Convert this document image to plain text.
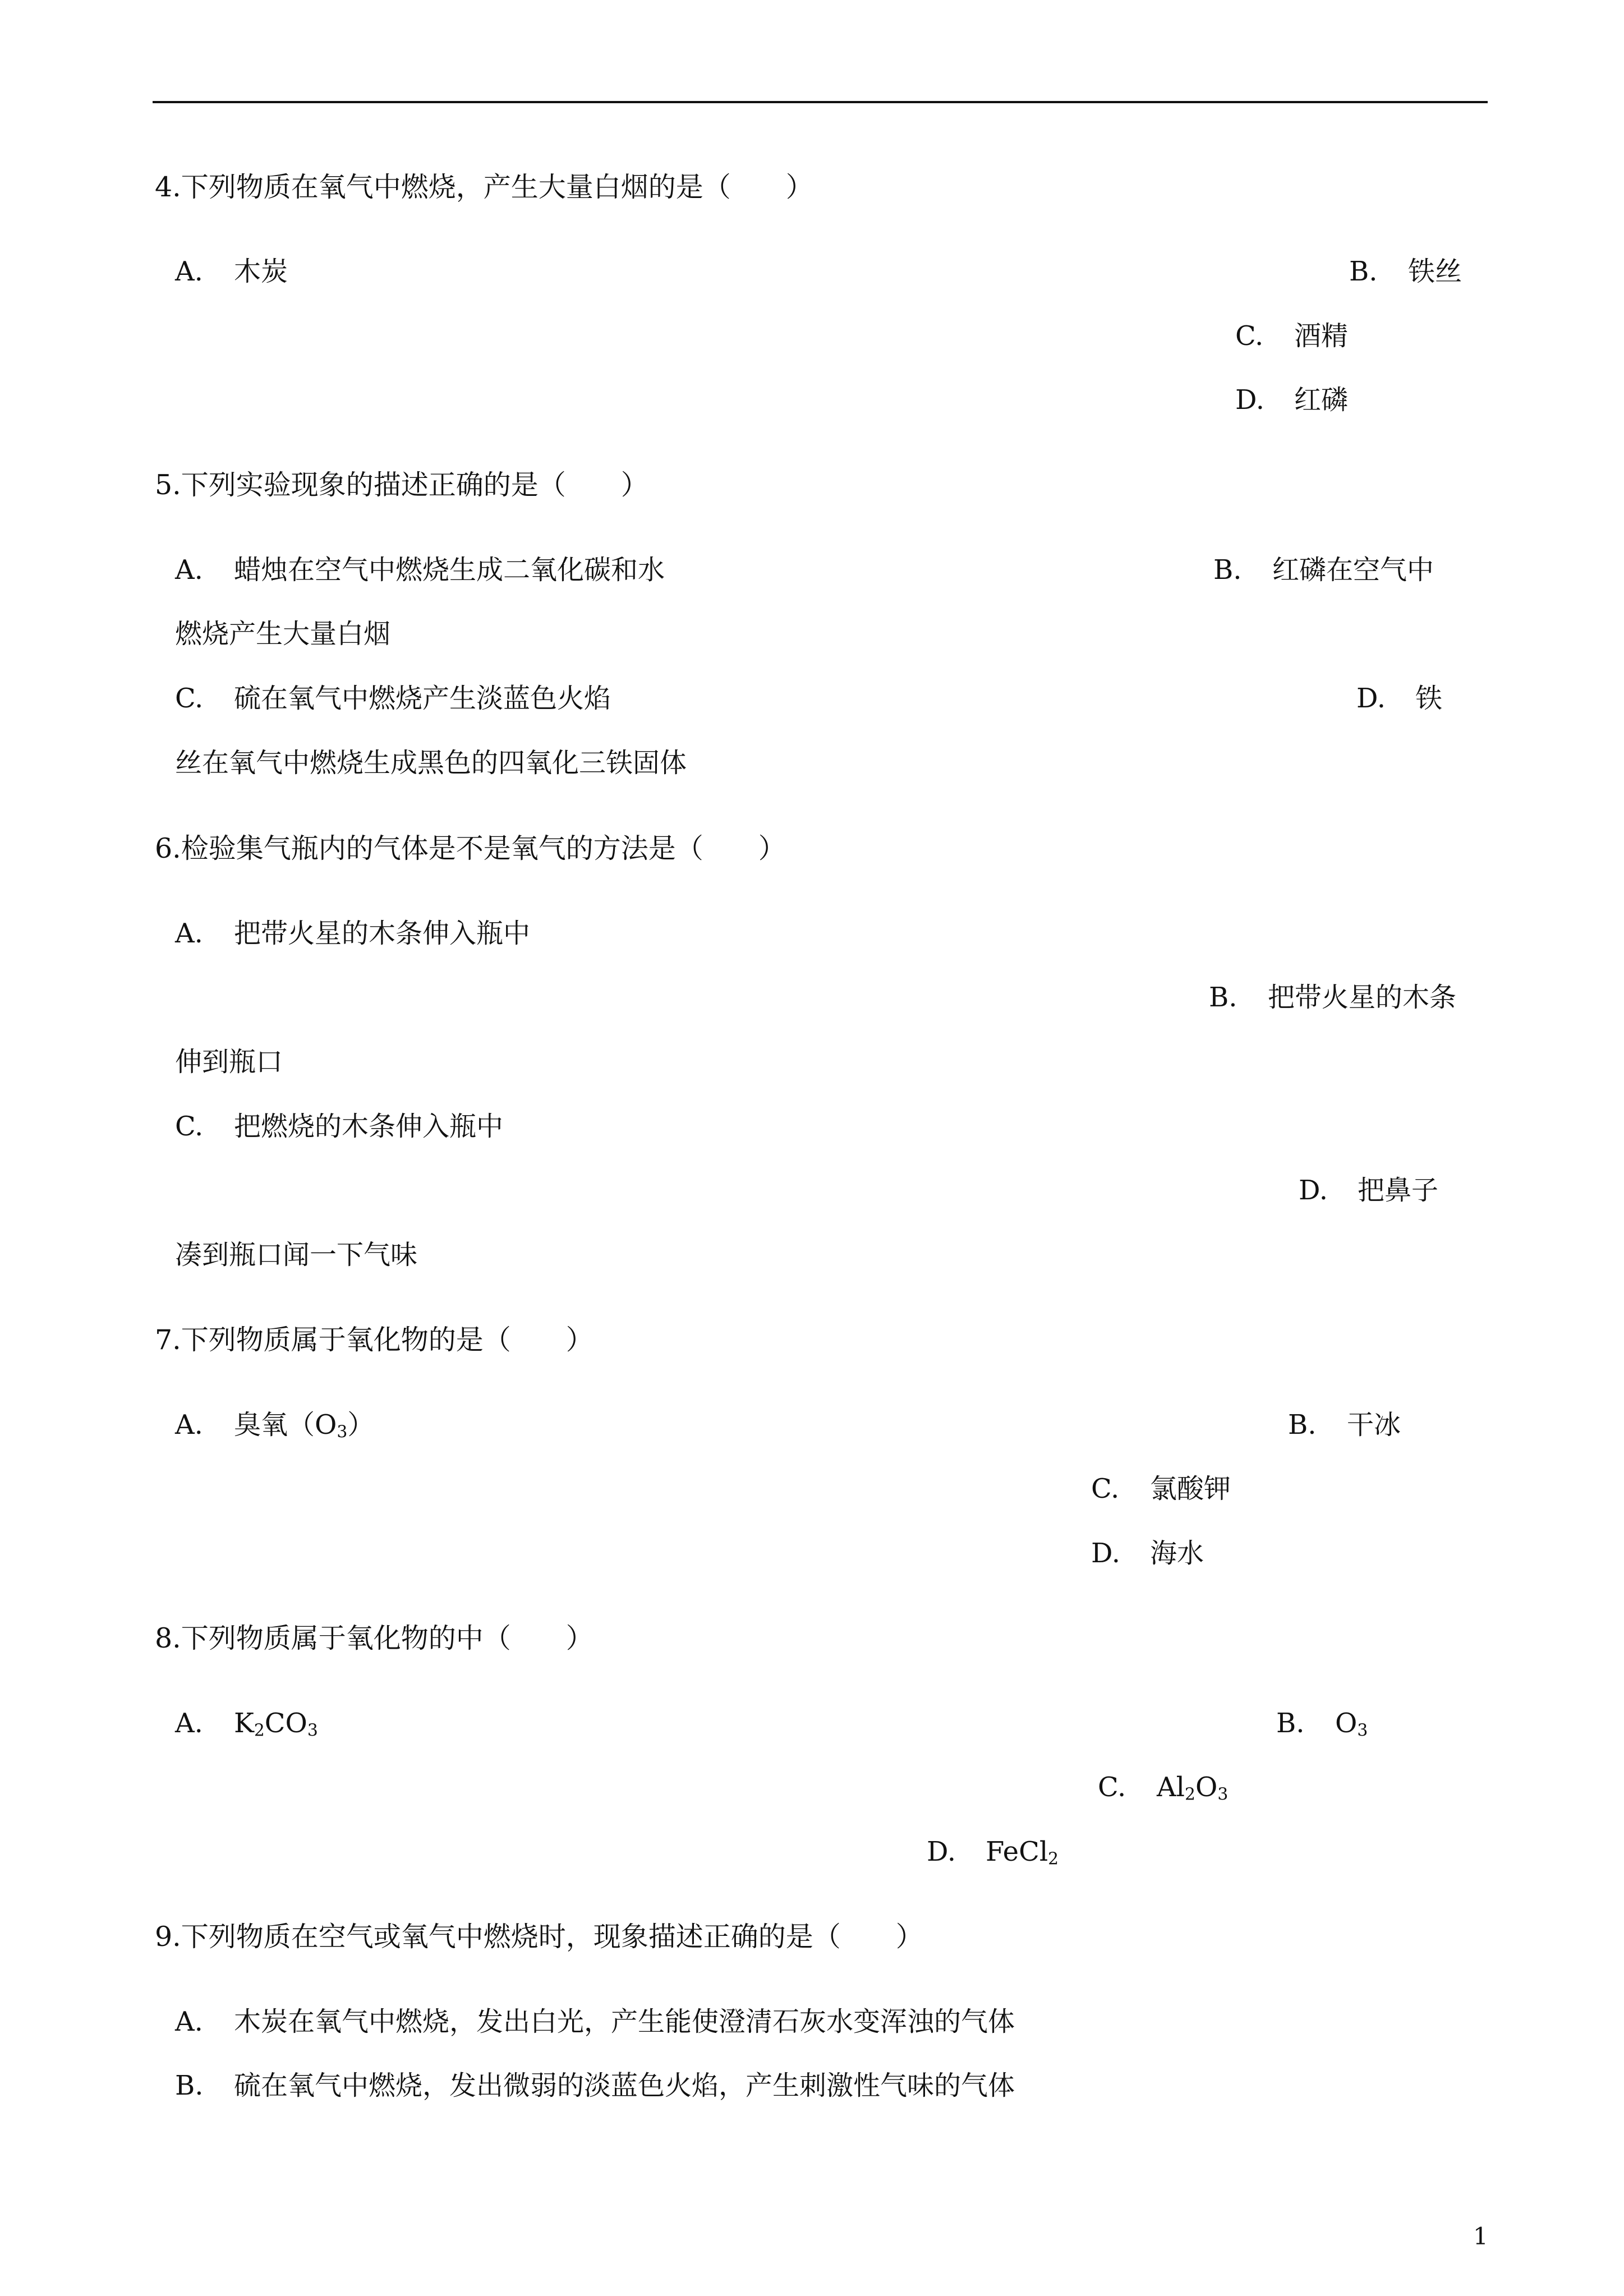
4.下列物质在氧气中燃烧，产生大量白烟的是（　　）
A. 木炭	B. 铁丝
C. 酒精
D. 红磷
5.下列实验现象的描述正确的是（　　）
A. 蜡烛在空气中燃烧生成二氧化碳和水	B. 红磷在空气中
燃烧产生大量白烟
C. 硫在氧气中燃烧产生淡蓝色火焰	D. 铁
丝在氧气中燃烧生成黑色的四氧化三铁固体
6.检验集气瓶内的气体是不是氧气的方法是（　　）
A. 把带火星的木条伸入瓶中
B. 把带火星的木条
伸到瓶口
C. 把燃烧的木条伸入瓶中
D. 把鼻子
凑到瓶口闻一下气味
7.下列物质属于氧化物的是（　　）
A. 臭氧$(O_3)$	B. 干冰
C. 氯酸钾
D. 海水
8.下列物质属于氧化物的中（　　）
A. $K_2CO_3$	B. $O_3$
C. $Al_2O_3$
D. FeCl$_2$
9.下列物质在空气或氧气中燃烧时，现象描述正确的是（　　）
A. 木炭在氧气中燃烧，发出白光，产生能使澄清石灰水变浑浊的气体
B. 硫在氧气中燃烧，发出微弱的淡蓝色火焰，产生刺激性气味的气体
1
